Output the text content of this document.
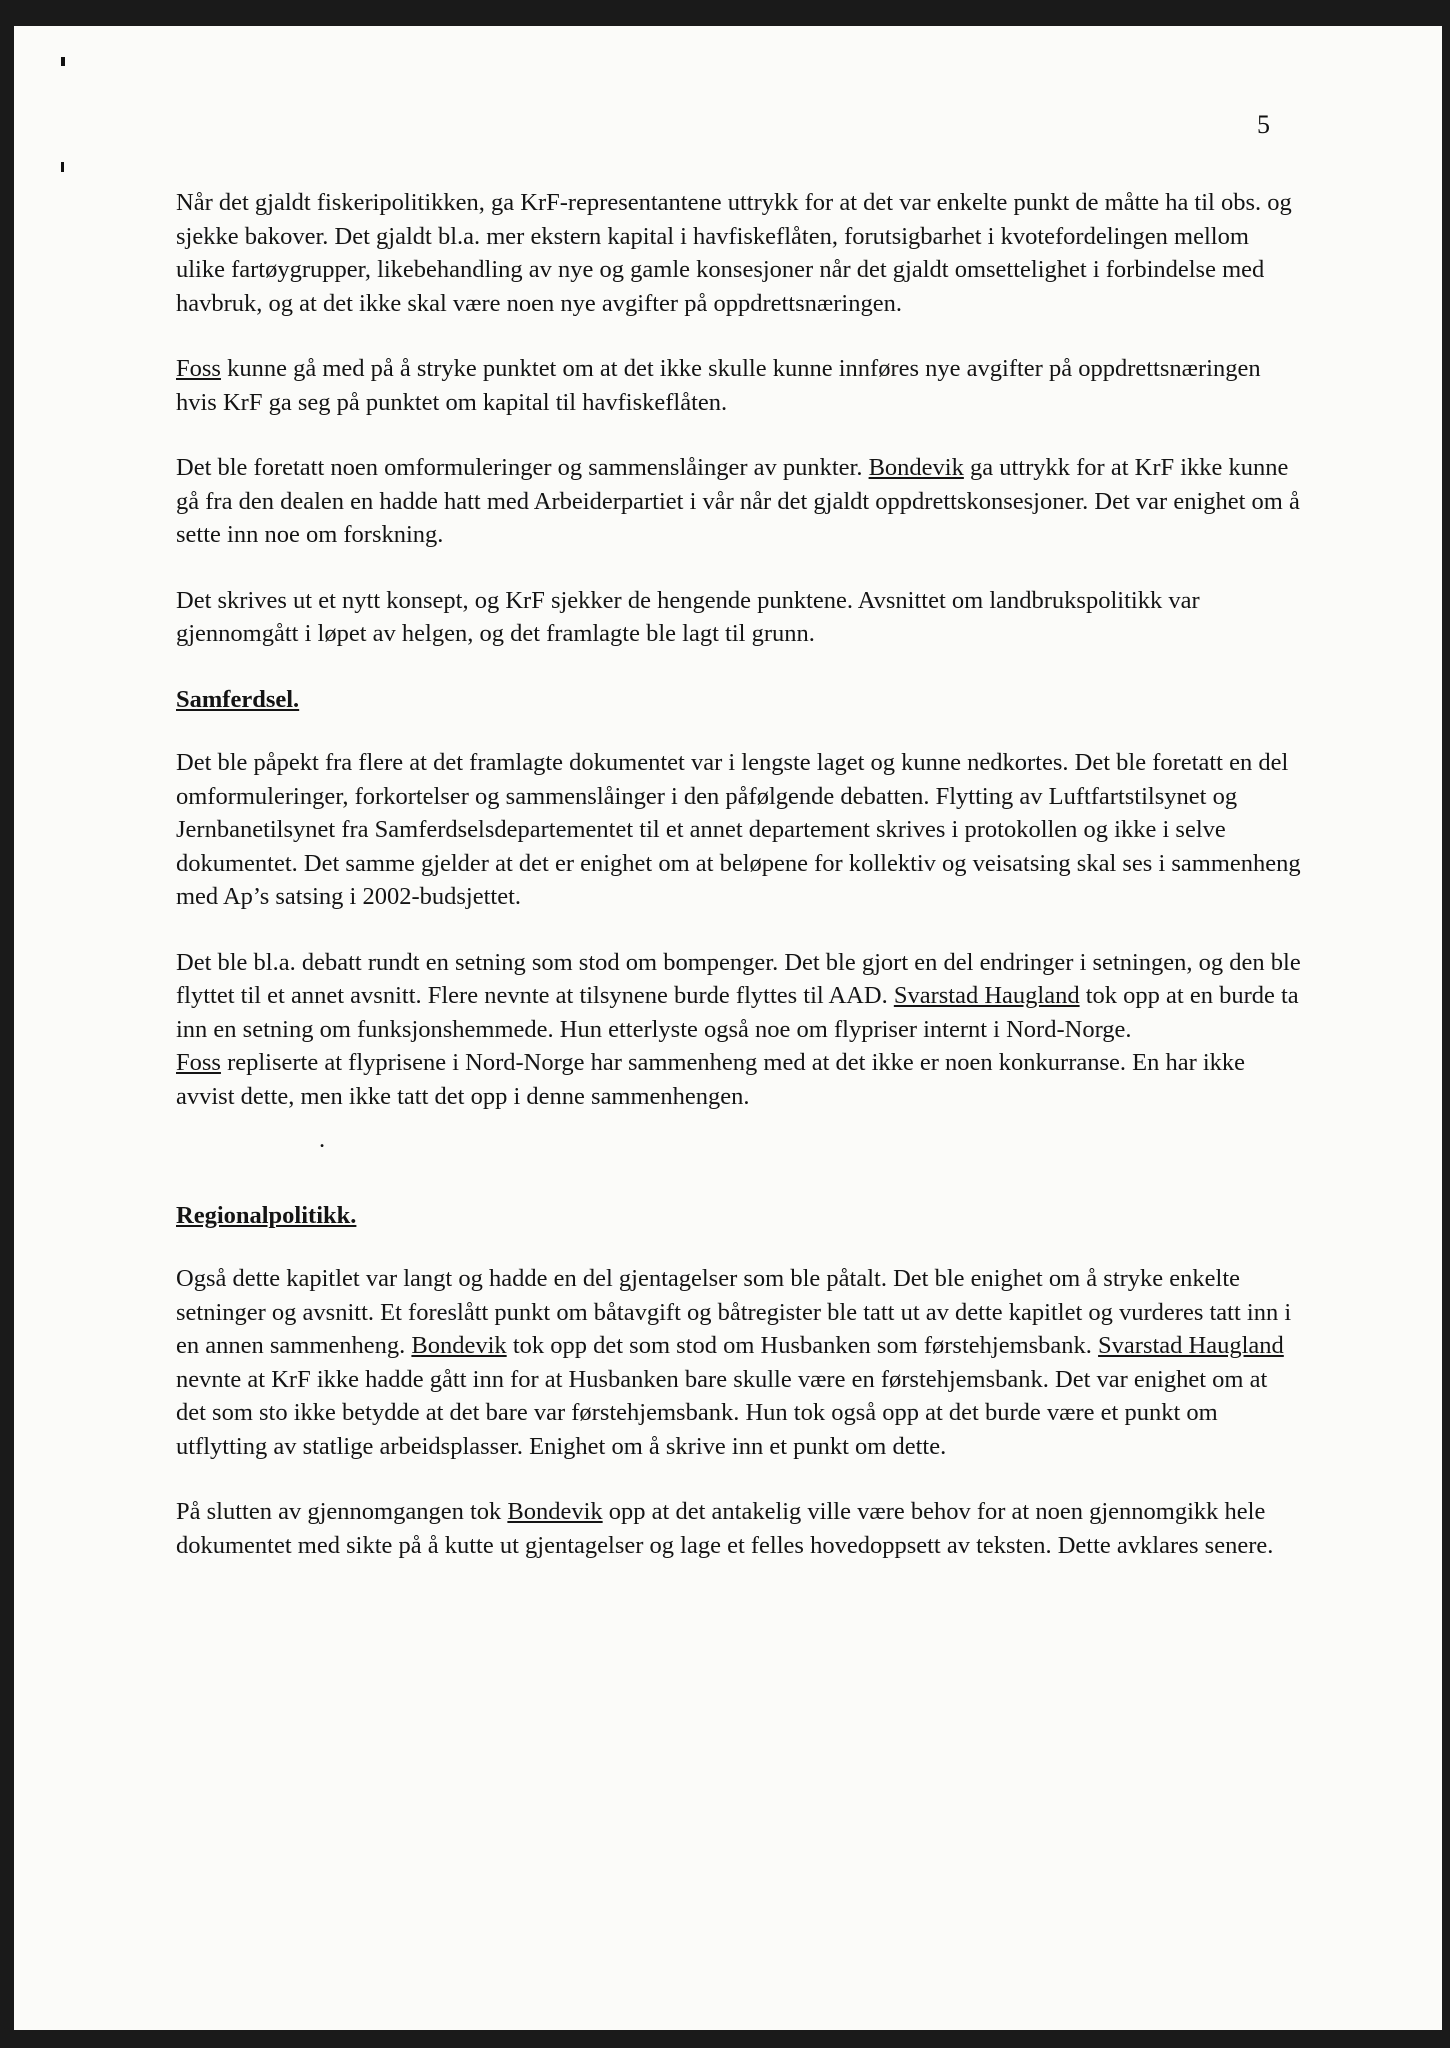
5

Når det gjaldt fiskeripolitikken, ga KrF-representantene uttrykk for at det var enkelte punkt de måtte ha til obs. og sjekke bakover. Det gjaldt bl.a. mer ekstern kapital i havfiskeflåten, forutsigbarhet i kvotefordelingen mellom ulike fartøygrupper, likebehandling av nye og gamle konsesjoner når det gjaldt omsettelighet i forbindelse med havbruk, og at det ikke skal være noen nye avgifter på oppdrettsnæringen.

Foss kunne gå med på å stryke punktet om at det ikke skulle kunne innføres nye avgifter på oppdrettsnæringen hvis KrF ga seg på punktet om kapital til havfiskeflåten.

Det ble foretatt noen omformuleringer og sammenslåinger av punkter. Bondevik ga uttrykk for at KrF ikke kunne gå fra den dealen en hadde hatt med Arbeiderpartiet i vår når det gjaldt oppdrettskonsesjoner. Det var enighet om å sette inn noe om forskning.

Det skrives ut et nytt konsept, og KrF sjekker de hengende punktene. Avsnittet om landbrukspolitikk var gjennomgått i løpet av helgen, og det framlagte ble lagt til grunn.

Samferdsel.

Det ble påpekt fra flere at det framlagte dokumentet var i lengste laget og kunne nedkortes. Det ble foretatt en del omformuleringer, forkortelser og sammenslåinger i den påfølgende debatten. Flytting av Luftfartstilsynet og Jernbanetilsynet fra Samferdselsdepartementet til et annet departement skrives i protokollen og ikke i selve dokumentet. Det samme gjelder at det er enighet om at beløpene for kollektiv og veisatsing skal ses i sammenheng med Ap’s satsing i 2002-budsjettet.

Det ble bl.a. debatt rundt en setning som stod om bompenger. Det ble gjort en del endringer i setningen, og den ble flyttet til et annet avsnitt. Flere nevnte at tilsynene burde flyttes til AAD. Svarstad Haugland tok opp at en burde ta inn en setning om funksjonshemmede. Hun etterlyste også noe om flypriser internt i Nord-Norge.
Foss repliserte at flyprisene i Nord-Norge har sammenheng med at det ikke er noen konkurranse. En har ikke avvist dette, men ikke tatt det opp i denne sammenhengen.

.
Regionalpolitikk.

Også dette kapitlet var langt og hadde en del gjentagelser som ble påtalt. Det ble enighet om å stryke enkelte setninger og avsnitt. Et foreslått punkt om båtavgift og båtregister ble tatt ut av dette kapitlet og vurderes tatt inn i en annen sammenheng. Bondevik tok opp det som stod om Husbanken som førstehjemsbank. Svarstad Haugland nevnte at KrF ikke hadde gått inn for at Husbanken bare skulle være en førstehjemsbank. Det var enighet om at det som sto ikke betydde at det bare var førstehjemsbank. Hun tok også opp at det burde være et punkt om utflytting av statlige arbeidsplasser. Enighet om å skrive inn et punkt om dette.

På slutten av gjennomgangen tok Bondevik opp at det antakelig ville være behov for at noen gjennomgikk hele dokumentet med sikte på å kutte ut gjentagelser og lage et felles hovedoppsett av teksten. Dette avklares senere.
